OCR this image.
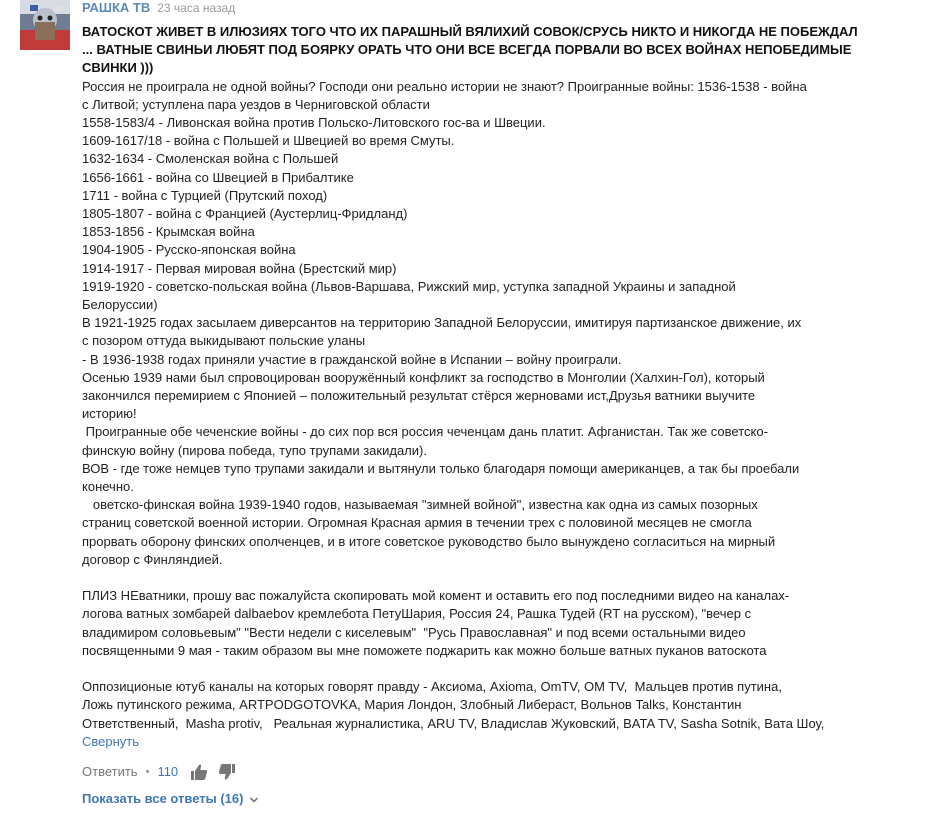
РАШКА ТВ 23 часа назад

ВАТОСКОТ ЖИВЕТ В ИЛЮЗИЯХ ТОГО ЧТО ИХ ПАРАШНЫЙ ВЯЛИХИЙ СОВОК/СРУСЬ НИКТО И НИКОГДА НЕ ПОБЕЖДАЛ

... ВАТНЫЕ СВИНЬИ ЛЮБЯТ ПОД БОЯРКУ ОРАТЬ ЧТО ОНИ ВСЕ ВСЕГДА ПОРВАЛИ ВО ВСЕХ ВОЙНАХ НЕПОБЕДИМЫЕ

СВИНКИ )))

Россия не проиграла не одной войны? Господи они реально истории не знают? Проигранные войны: 1536-1538 - война

с Литвой; уступлена пара уездов в Черниговской области

1558-1583/4 - Ливонская война против Польско-Литовского гос-ва и Швеции.

1609-1617/18 - война с Польшей и Швецией во время Смуты.

1632-1634 - Смоленская война с Польшей

1656-1661 - война со Швецией в Прибалтике

1711 - война с Турцией (Прутский поход)

1805-1807 - война с Францией (Аустерлиц-Фридланд)

1853-1856 - Крымская война

1904-1905 - Русско-японская война

1914-1917 - Первая мировая война (Брестский мир)

1919-1920 - советско-польская война (Львов-Варшава, Рижский мир, уступка западной Украины и западной

Белоруссии)

В 1921-1925 годах засылаем диверсантов на территорию Западной Белоруссии, имитируя партизанское движение, их

с позором оттуда выкидывают польские уланы

- В 1936-1938 годах приняли участие в гражданской войне в Испании – войну проиграли.

Осенью 1939 нами был спровоцирован вооружённый конфликт за господство в Монголии (Халхин-Гол), который

закончился перемирием с Японией – положительный результат стёрся жерновами ист,Друзья ватники выучите

историю!

Проигранные обе чеченские войны - до сих пор вся россия чеченцам дань платит. Афганистан. Так же советско-

финскую войну (пирова победа, тупо трупами закидали).

ВОВ - где тоже немцев тупо трупами закидали и вытянули только благодаря помощи американцев, а так бы проебали

конечно.

оветско-финская война 1939-1940 годов, называемая "зимней войной", известна как одна из самых позорных

страниц советской военной истории. Огромная Красная армия в течении трех с половиной месяцев не смогла

прорвать оборону финских ополченцев, и в итоге советское руководство было вынуждено согласиться на мирный

договор с Финляндией.

ПЛИЗ НЕватники, прошу вас пожалуйста скопировать мой комент и оставить его под последними видео на каналах-

логова ватных зомбарей dalbaebov кремлебота ПетуШария, Россия 24, Рашка Тудей (RT на русском), "вечер с

владимиром соловьевым" "Вести недели с киселевым"  "Русь Православная" и под всеми остальными видео

посвященными 9 мая - таким образом вы мне поможете поджарить как можно больше ватных пуканов ватоскота

Оппозиционые ютуб каналы на которых говорят правду - Аксиома, Axioma, OmTV, OM TV,  Мальцев против путина,

Ложь путинского режима, ARTPODGOTOVKA, Мария Лондон, Злобный Либераст, Вольнов Talks, Константин

Ответственный,  Masha protiv,   Реальная журналистика, ARU TV, Владислав Жуковский, BATA TV, Sasha Sotnik, Вата Шоу,

Свернуть
Ответить • 110
Показать все ответы (16)
